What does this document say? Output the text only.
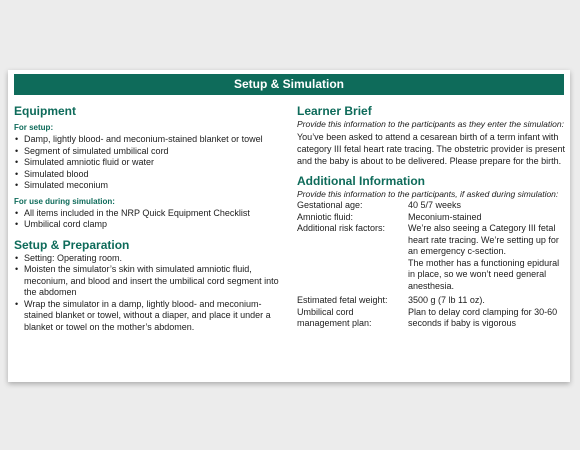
Setup & Simulation
Equipment
For setup:
• Damp, lightly blood- and meconium-stained blanket or towel
• Segment of simulated umbilical cord
• Simulated amniotic fluid or water
• Simulated blood
• Simulated meconium
For use during simulation:
• All items included in the NRP Quick Equipment Checklist
• Umbilical cord clamp
Setup & Preparation
• Setting: Operating room.
• Moisten the simulator’s skin with simulated amniotic fluid, meconium, and blood and insert the umbilical cord segment into the abdomen
• Wrap the simulator in a damp, lightly blood- and meconium-stained blanket or towel, without a diaper, and place it under a blanket or towel on the mother’s abdomen.
Learner Brief
Provide this information to the participants as they enter the simulation:
You’ve been asked to attend a cesarean birth of a term infant with category III fetal heart rate tracing. The obstetric provider is present and the baby is about to be delivered. Please prepare for the birth.
Additional Information
Provide this information to the participants, if asked during simulation:
Gestational age:	40 5/7 weeks
Amniotic fluid:	Meconium-stained
Additional risk factors:	We’re also seeing a Category III fetal heart rate tracing. We’re setting up for an emergency c-section.
The mother has a functioning epidural in place, so we won’t need general anesthesia.
Estimated fetal weight:	3500 g (7 lb 11 oz).
Umbilical cord management plan:
Plan to delay cord clamping for 30-60 seconds if baby is vigorous
